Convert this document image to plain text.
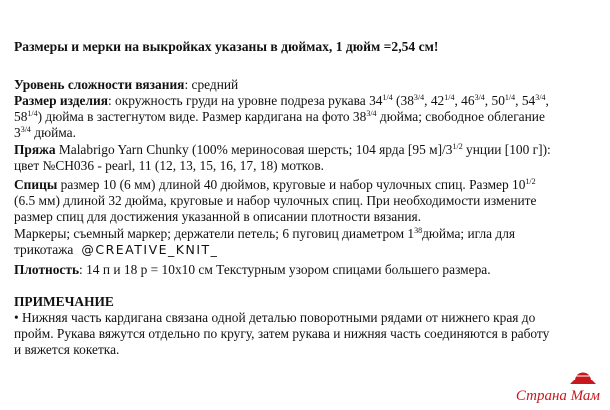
Размеры и мерки на выкройках указаны в дюймах, 1 дюйм =2,54 см!
Уровень сложности вязания: средний
Размер изделия: окружность груди на уровне подреза рукава $34^{1/4}$ ($38^{3/4}$, $42^{1/4}$, $46^{3/4}$, $50^{1/4}$, $54^{3/4}$,
$58^{1/4}$) дюйма в застегнутом виде. Размер кардигана на фото $38^{3/4}$ дюйма; свободное облегание
$3^{3/4}$ дюйма.
Пряжа Malabrigo Yarn Chunky (100% мериносовая шерсть; 104 ярда [95 $м]/3^{1/2}$ унции [100 г]):
цвет №CH036 - pearl, 11 (12, 13, 15, 16, 17, 18) мотков.
Спицы размер 10 (6 мм) длиной 40 дюймов, круговые и набор чулочных спиц. Размер $10^{1/2}$
(6.5 мм) длиной 32 дюйма, круговые и набор чулочных спиц. При необходимости измените
размер спиц для достижения указанной в описании плотности вязания.
Маркеры; съемный маркер; держатели петель; 6 пуговиц диаметром $1^{38}дюйма$; игла для
трикотажа @CREATIVE_KNIT_
Плотность: 14 п и 18 р = 10х10 см Текстурным узором спицами большего размера.
ПРИМЕЧАНИЕ
• Нижняя часть кардигана связана одной деталью поворотными рядами от нижнего края до
пройм. Рукава вяжутся отдельно по кругу, затем рукава и нижняя часть соединяются в работу
и вяжется кокетка.
Страна Мам
